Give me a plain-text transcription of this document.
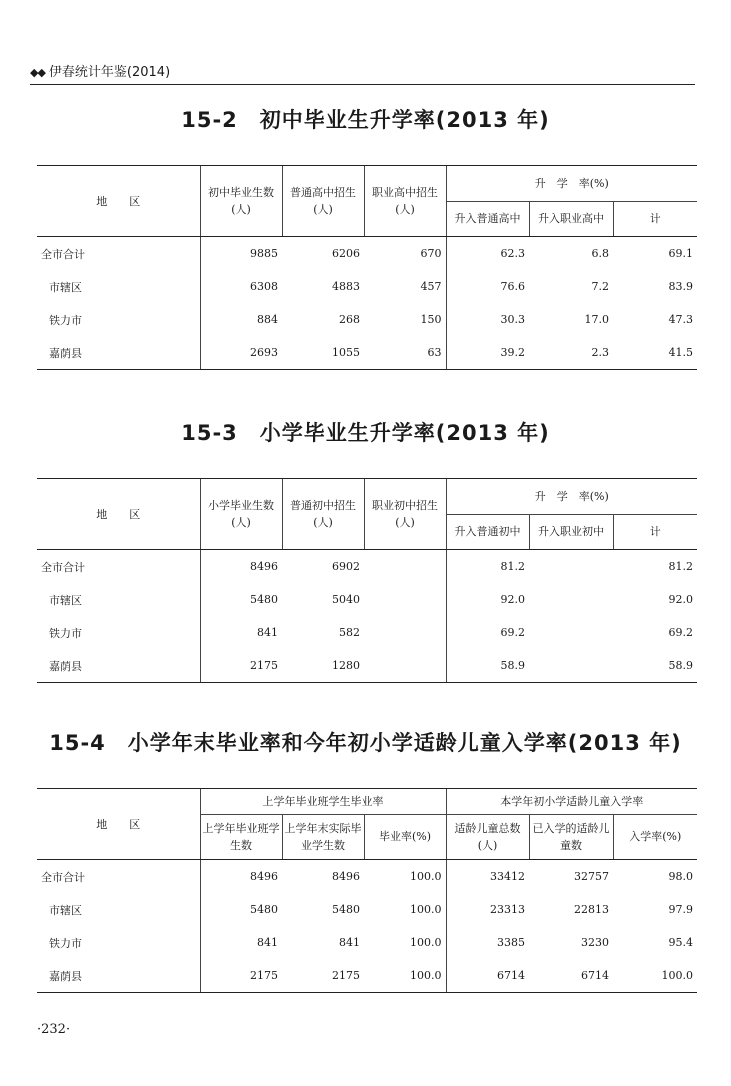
◆◆ 伊春统计年鉴(2014)
15-2　初中毕业生升学率(2013 年)
地　　区	初中毕业生数(人)	普通高中招生(人)	职业高中招生(人)	升　学　率(%)		
				升入普通高中	升入职业高中	计
全市合计	9885	6206	670	62.3	6.8	69.1
市辖区	6308	4883	457	76.6	7.2	83.9
铁力市	884	268	150	30.3	17.0	47.3
嘉荫县	2693	1055	63	39.2	2.3	41.5
15-3　小学毕业生升学率(2013 年)
地　　区	小学毕业生数(人)	普通初中招生(人)	职业初中招生(人)	升　学　率(%)		
				升入普通初中	升入职业初中	计
全市合计	8496	6902		81.2		81.2
市辖区	5480	5040		92.0		92.0
铁力市	841	582		69.2		69.2
嘉荫县	2175	1280		58.9		58.9
15-4　小学年末毕业率和今年初小学适龄儿童入学率(2013 年)
地　　区	上学年毕业班学生毕业率			本学年初小学适龄儿童入学率		
	上学年毕业班学生数	上学年末实际毕业学生数	毕业率(%)	适龄儿童总数(人)	已入学的适龄儿童数	入学率(%)
全市合计	8496	8496	100.0	33412	32757	98.0
市辖区	5480	5480	100.0	23313	22813	97.9
铁力市	841	841	100.0	3385	3230	95.4
嘉荫县	2175	2175	100.0	6714	6714	100.0
·232·
